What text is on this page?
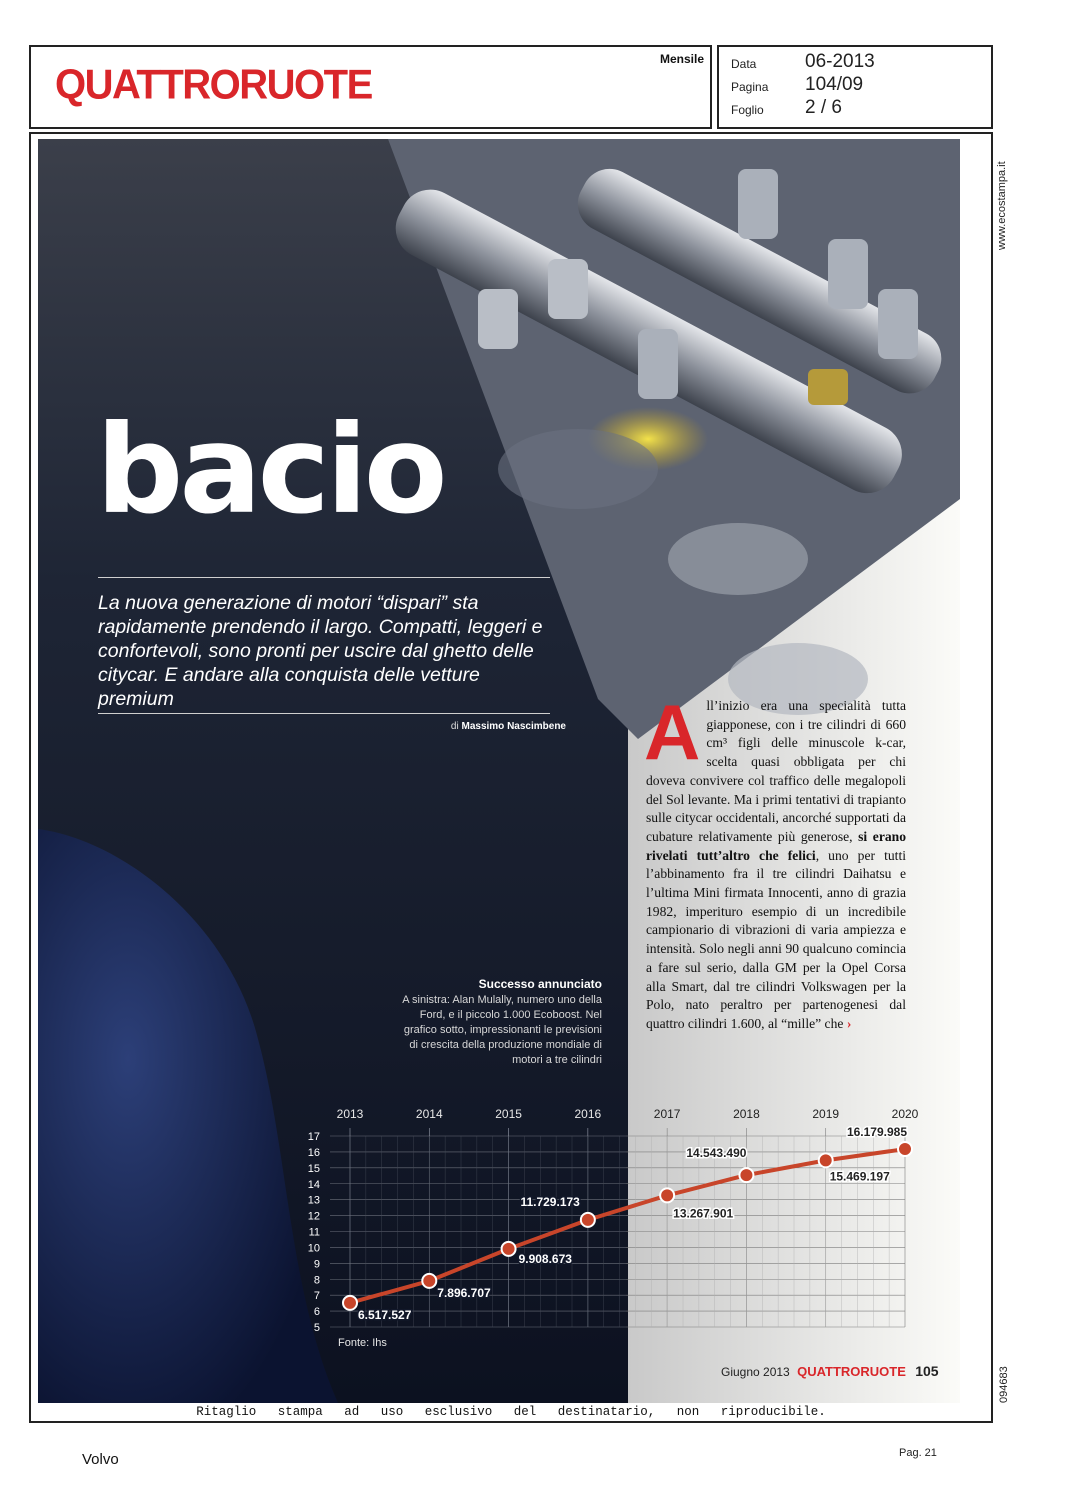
QUATTRORUOTE
Mensile Data	06-2013
Pagina 104/09
Foglio 2 / 6
www.ecostampa.it
094683
bacio
La nuova generazione di motori “dispari” sta rapidamente prendendo il largo. Compatti, leggeri e confortevoli, sono pronti per uscire dal ghetto delle citycar. E andare alla conquista delle vetture premium
di Massimo Nascimbene A ll’inizio era una specialità tutta giapponese, con i tre cilindri di 660 cm³ figli delle minuscole k-car, scelta quasi obbligata per chi doveva convivere col traffico delle megalopoli del Sol levante. Ma i primi tentativi di trapianto sulle citycar occidentali, ancorché supportati da cubature relativamente più generose, si erano rivelati tutt’altro che felici, uno per tutti l’abbinamento fra il tre cilindri Daihatsu e l’ultima Mini firmata Innocenti, anno di grazia 1982, imperituro esempio di un incredibile campionario di vibrazioni di varia ampiezza e intensità. Solo negli anni 90 qualcuno comincia a fare sul serio, dalla GM per la Opel Corsa alla Smart, dal tre cilindri Volkswagen per la Polo, nato peraltro per partenogenesi dal quattro cilindri 1.600, al “mille” che ›
Successo annunciato
A sinistra: Alan Mulally, numero uno della Ford, e il piccolo 1.000 Ecoboost. Nel grafico sotto, impressionanti le previsioni di crescita della produzione mondiale di motori a tre cilindri
5
6
7
8
9
10
11
12
13
14
15
16
17
2013	2014	2015	2016	2017	2018	2019	2020
6.517.527
7.896.707
9.908.673
11.729.173
13.267.901
14.543.490
15.469.197
16.179.985
Fonte: Ihs
Giugno 2013 QUATTRORUOTE 105
Ritaglio stampa ad uso esclusivo del destinatario, non riproducibile.
Volvo	Pag. 21
